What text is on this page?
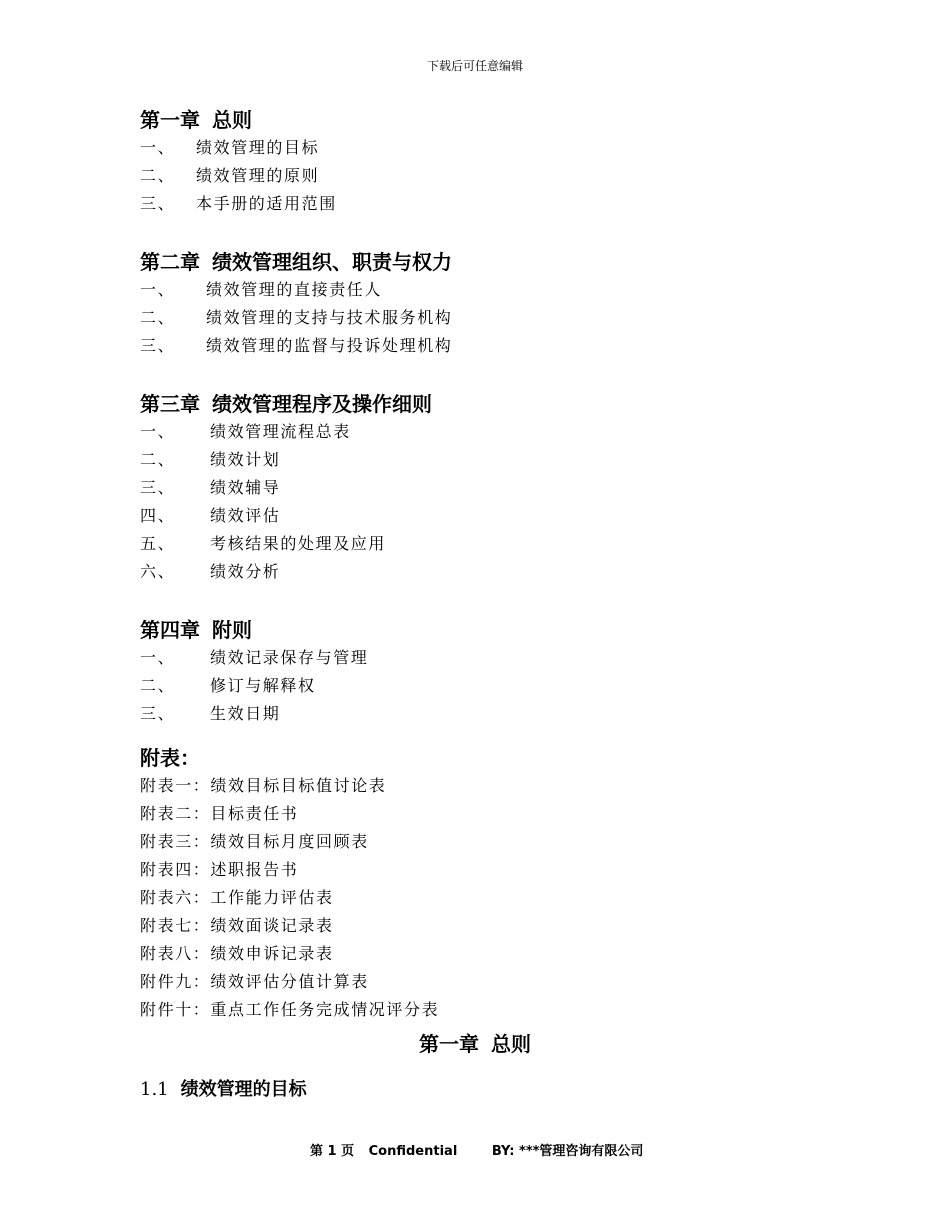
下载后可任意编辑
第一章 总则
一、 绩效管理的目标
二、 绩效管理的原则
三、 本手册的适用范围
第二章 绩效管理组织、职责与权力
一、 绩效管理的直接责任人
二、 绩效管理的支持与技术服务机构
三、 绩效管理的监督与投诉处理机构
第三章 绩效管理程序及操作细则
一、 绩效管理流程总表
二、 绩效计划
三、 绩效辅导
四、 绩效评估
五、 考核结果的处理及应用
六、 绩效分析
第四章 附则
一、 绩效记录保存与管理
二、 修订与解释权
三、 生效日期
附表：
附表一：绩效目标目标值讨论表
附表二：目标责任书
附表三：绩效目标月度回顾表
附表四：述职报告书
附表六：工作能力评估表
附表七：绩效面谈记录表
附表八：绩效申诉记录表
附件九：绩效评估分值计算表
附件十：重点工作任务完成情况评分表
第一章 总则
1.1 绩效管理的目标
第 1 页 Confidential	BY: ***管理咨询有限公司
